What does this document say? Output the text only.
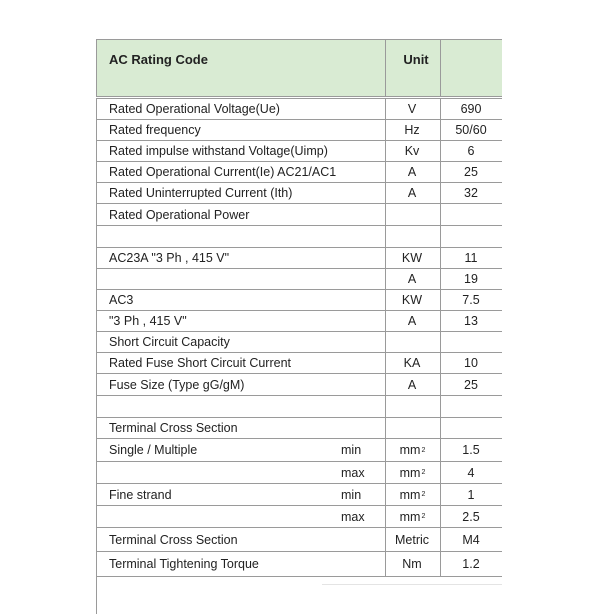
AC Rating Code	Unit
Rated Operational Voltage(Ue)	V	690
Rated frequency	Hz	50/60
Rated impulse withstand Voltage(Uimp)	Kv	6
Rated Operational Current(Ie) AC21/AC1	A	25
Rated Uninterrupted Current (Ith)	A	32
Rated Operational Power
AC23A "3 Ph , 415 V"	KW	11
A	19
AC3	KW	7.5
"3 Ph , 415 V"	A	13
Short Circuit Capacity
Rated Fuse Short Circuit Current	KA	10
Fuse Size (Type gG/gM)	A	25
Terminal Cross Section
Single / Multiple	min	mm 2	1.5
max	mm 2	4
Fine strand	min	mm 2	1
max	mm 2	2.5
Terminal Cross Section	Metric	M4
Terminal Tightening Torque	Nm	1.2
